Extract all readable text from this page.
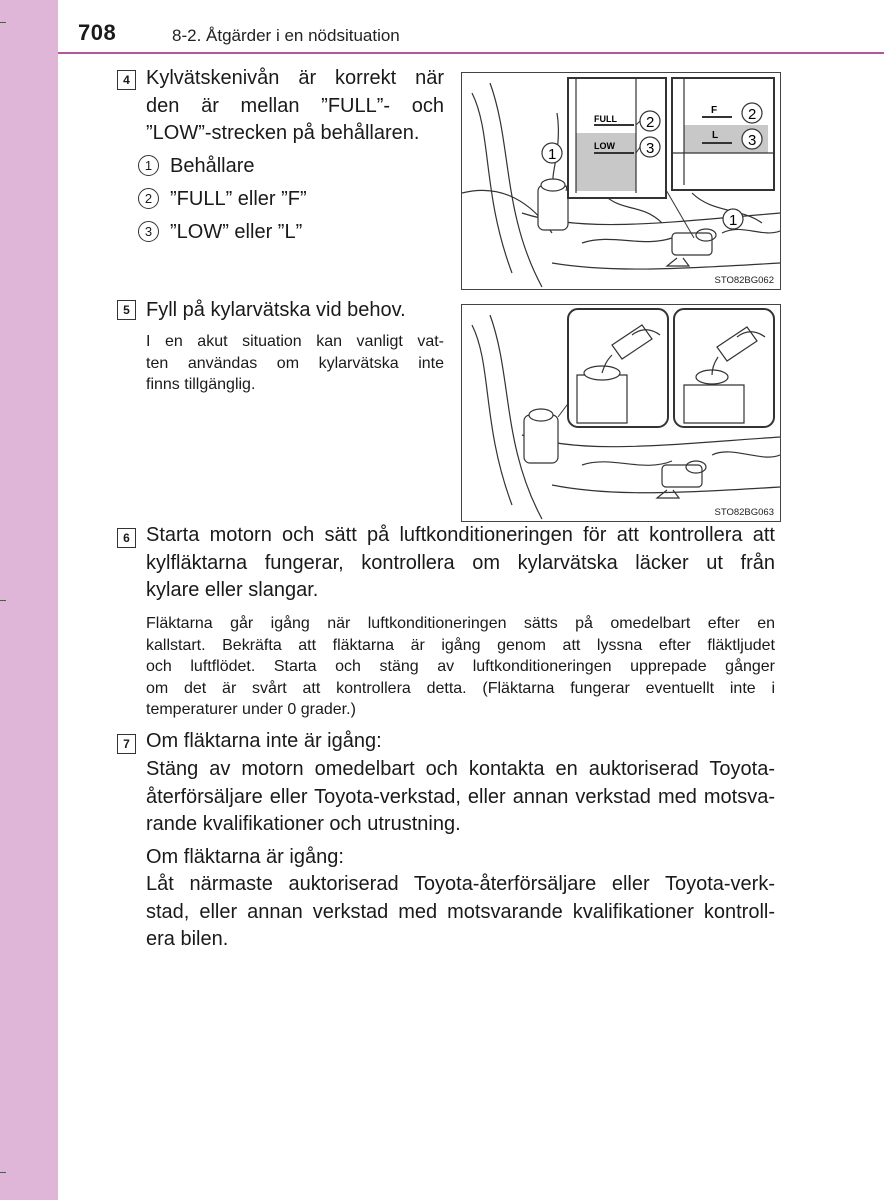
708	8-2. Åtgärder i en nödsituation
4 Kylvätskenivån är korrekt när
den är mellan ”FULL”- och
”LOW”-strecken på behållaren.
1 Behållare
2 ”FULL” eller ”F”
3 ”LOW” eller ”L”
FULL
LOW
2
3
F
L
2
3
1
1
STO82BG062
5 Fyll på kylarvätska vid behov.
I en akut situation kan vanligt vat-
ten användas om kylarvätska inte
finns tillgänglig.
STO82BG063
6 Starta motorn och sätt på luftkonditioneringen för att kontrollera att
kylfläktarna fungerar, kontrollera om kylarvätska läcker ut från
kylare eller slangar.
Fläktarna går igång när luftkonditioneringen sätts på omedelbart efter en
kallstart. Bekräfta att fläktarna är igång genom att lyssna efter fläktljudet
och luftflödet. Starta och stäng av luftkonditioneringen upprepade gånger
om det är svårt att kontrollera detta. (Fläktarna fungerar eventuellt inte i
temperaturer under 0 grader.)
7 Om fläktarna inte är igång:
Stäng av motorn omedelbart och kontakta en auktoriserad Toyota-
återförsäljare eller Toyota-verkstad, eller annan verkstad med motsva-
rande kvalifikationer och utrustning.
Om fläktarna är igång:
Låt närmaste auktoriserad Toyota-återförsäljare eller Toyota-verk-
stad, eller annan verkstad med motsvarande kvalifikationer kontroll-
era bilen.
